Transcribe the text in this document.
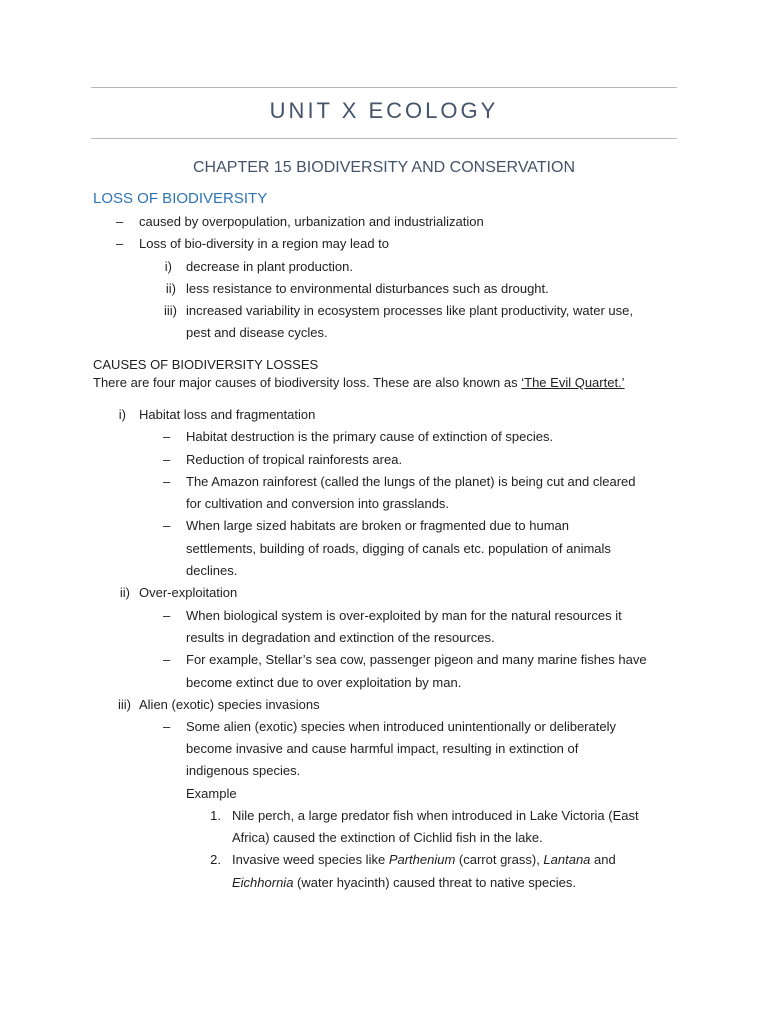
UNIT X ECOLOGY
CHAPTER 15 BIODIVERSITY AND CONSERVATION
LOSS OF BIODIVERSITY
– caused by overpopulation, urbanization and industrialization
– Loss of bio-diversity in a region may lead to
i) decrease in plant production.
ii) less resistance to environmental disturbances such as drought.
iii) increased variability in ecosystem processes like plant productivity, water use,
pest and disease cycles.
CAUSES OF BIODIVERSITY LOSSES
There are four major causes of biodiversity loss. These are also known as ‘The Evil Quartet.’
i) Habitat loss and fragmentation
– Habitat destruction is the primary cause of extinction of species.
– Reduction of tropical rainforests area.
– The Amazon rainforest (called the lungs of the planet) is being cut and cleared
for cultivation and conversion into grasslands.
– When large sized habitats are broken or fragmented due to human
settlements, building of roads, digging of canals etc. population of animals
declines.
ii) Over-exploitation
– When biological system is over-exploited by man for the natural resources it
results in degradation and extinction of the resources.
– For example, Stellar’s sea cow, passenger pigeon and many marine fishes have
become extinct due to over exploitation by man.
iii) Alien (exotic) species invasions
– Some alien (exotic) species when introduced unintentionally or deliberately
become invasive and cause harmful impact, resulting in extinction of
indigenous species.
Example
1. Nile perch, a large predator fish when introduced in Lake Victoria (East
Africa) caused the extinction of Cichlid fish in the lake.
2. Invasive weed species like Parthenium (carrot grass), Lantana and
Eichhornia (water hyacinth) caused threat to native species.
